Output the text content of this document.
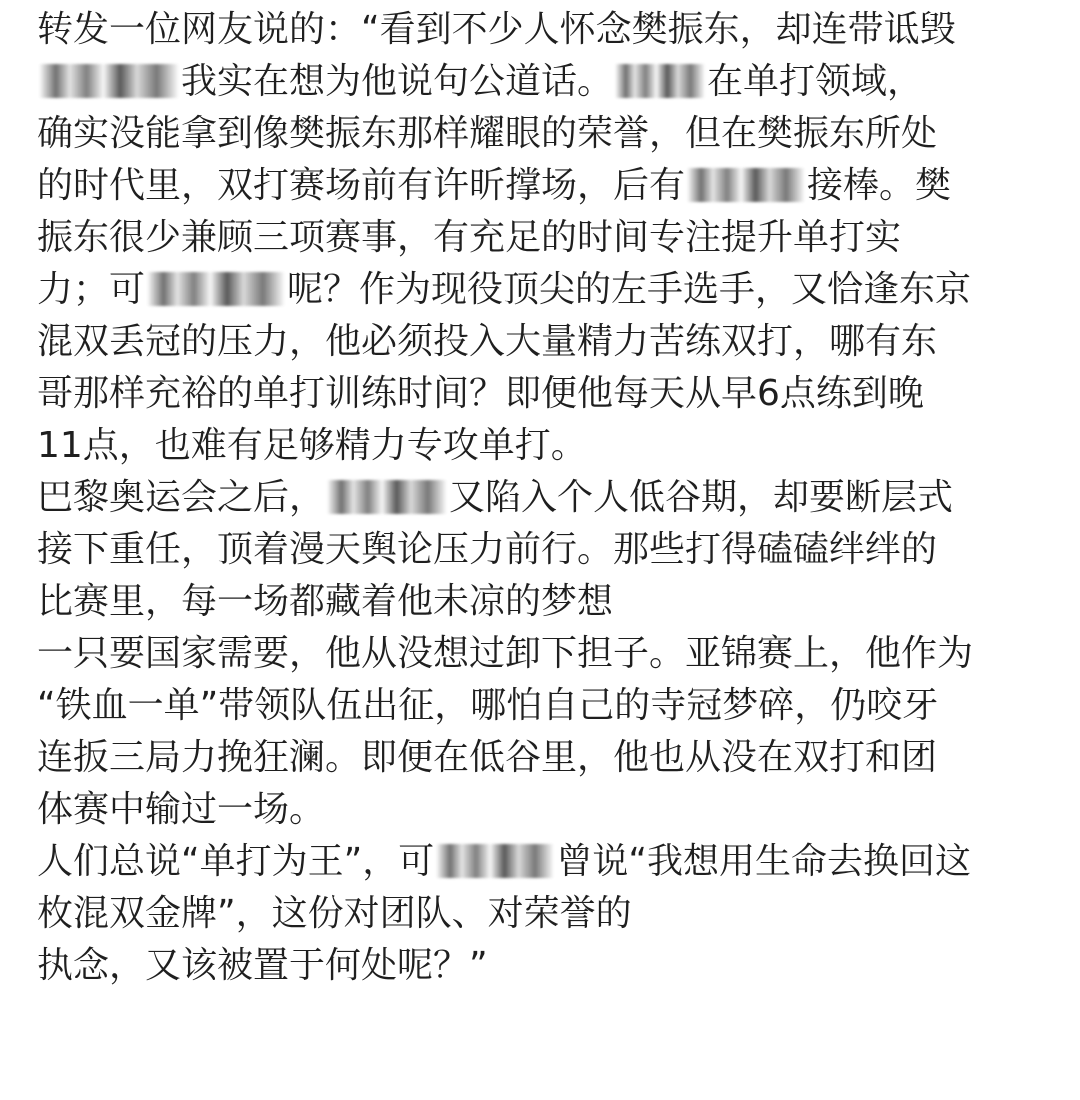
转发一位网友说的：“看到不少人怀念樊振东，却连带诋毁
我实在想为他说句公道话。	在单打领域，
确实没能拿到像樊振东那样耀眼的荣誉，但在樊振东所处
的时代里，双打赛场前有许昕撑场，后有	接棒。樊
振东很少兼顾三项赛事，有充足的时间专注提升单打实
力；可	呢？作为现役顶尖的左手选手，又恰逢东京
混双丢冠的压力，他必须投入大量精力苦练双打，哪有东
哥那样充裕的单打训练时间？即便他每天从早6点练到晚
11点，也难有足够精力专攻单打。
巴黎奥运会之后，	又陷入个人低谷期，却要断层式
接下重任，顶着漫天舆论压力前行。那些打得磕磕绊绊的
比赛里，每一场都藏着他未凉的梦想
一只要国家需要，他从没想过卸下担子。亚锦赛上，他作为
“铁血一单”带领队伍出征，哪怕自己的寺冠梦碎，仍咬牙
连扳三局力挽狂澜。即便在低谷里，他也从没在双打和团
体赛中输过一场。
人们总说“单打为王”，可	曾说“我想用生命去换回这
枚混双金牌”，这份对团队、对荣誉的
执念，又该被置于何处呢？”
